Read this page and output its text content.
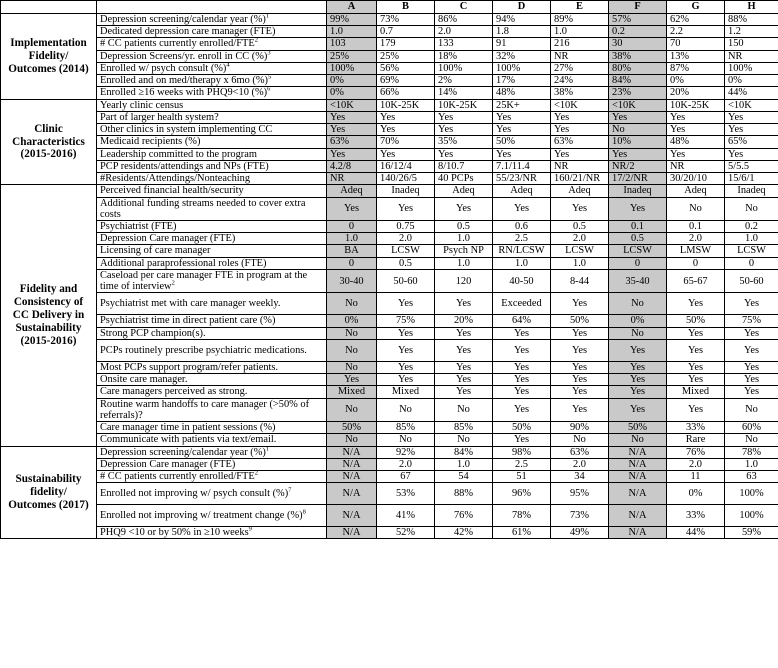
		A	B	C	D	E	F	G	H
Implementation Fidelity/ Outcomes (2014)	Depression screening/calendar year (%)$^1$	99%	73%	86%	94%	89%	57%	62%	88%
	Dedicated depression care manager (FTE)	1.0	0.7	2.0	1.8	1.0	0.2	2.2	1.2
	# CC patients currently enrolled/FTE$^2$	103	179	133	91	216	30	70	150
	Depression Screens/yr. enroll in CC (%)$^3$	25%	25%	18%	32%	NR	38%	13%	NR
	Enrolled w/ psych consult (%)$^4$	100%	56%	100%	100%	27%	80%	87%	100%
	Enrolled and on med/therapy x 6mo (%)$^5$	0%	69%	2%	17%	24%	84%	0%	0%
	Enrolled ≥16 weeks with PHQ9<10 (%)$^6$	0%	66%	14%	48%	38%	23%	20%	44%
Clinic Characteristics (2015-2016)	Yearly clinic census	<10K	10K-25K	10K-25K	25K+	<10K	<10K	10K-25K	<10K
	Part of larger health system?	Yes	Yes	Yes	Yes	Yes	Yes	Yes	Yes
	Other clinics in system implementing CC	Yes	Yes	Yes	Yes	Yes	No	Yes	Yes
	Medicaid recipients (%)	63%	70%	35%	50%	63%	10%	48%	65%
	Leadership committed to the program	Yes	Yes	Yes	Yes	Yes	Yes	Yes	Yes
	PCP residents/attendings and NPs (FTE)	4.2/8	16/12/4	8/10.7	7.1/11.4	NR	NR/2	NR	5/5.5
	#Residents/Attendings/Nonteaching	NR	140/26/5	40 PCPs	55/23/NR	160/21/NR	17/2/NR	30/20/10	15/6/1
Fidelity and Consistency of CC Delivery in Sustainability (2015-2016)	Perceived financial health/security	Adeq	Inadeq	Adeq	Adeq	Adeq	Inadeq	Adeq	Inadeq
	Additional funding streams needed to cover extra costs	Yes	Yes	Yes	Yes	Yes	Yes	No	No
	Psychiatrist (FTE)	0	0.75	0.5	0.6	0.5	0.1	0.1	0.2
	Depression Care manager (FTE)	1.0	2.0	1.0	2.5	2.0	0.5	2.0	1.0
	Licensing of care manager	BA	LCSW	Psych NP	RN/LCSW	LCSW	LCSW	LMSW	LCSW
	Additional paraprofessional roles (FTE)	0	0.5	1.0	1.0	1.0	0	0	0
	Caseload per care manager FTE in program at the time of interview$^2$	30-40	50-60	120	40-50	8-44	35-40	65-67	50-60
	Psychiatrist met with care manager weekly.	No	Yes	Yes	Exceeded	Yes	No	Yes	Yes
	Psychiatrist time in direct patient care (%)	0%	75%	20%	64%	50%	0%	50%	75%
	Strong PCP champion(s).	No	Yes	Yes	Yes	Yes	No	Yes	Yes
	PCPs routinely prescribe psychiatric medications.	No	Yes	Yes	Yes	Yes	Yes	Yes	Yes
	Most PCPs support program/refer patients.	No	Yes	Yes	Yes	Yes	Yes	Yes	Yes
	Onsite care manager.	Yes	Yes	Yes	Yes	Yes	Yes	Yes	Yes
	Care managers perceived as strong.	Mixed	Mixed	Yes	Yes	Yes	Yes	Mixed	Yes
	Routine warm handoffs to care manager (>50% of referrals)?	No	No	No	Yes	Yes	Yes	Yes	No
	Care manager time in patient sessions (%)	50%	85%	85%	50%	90%	50%	33%	60%
	Communicate with patients via text/email.	No	No	No	Yes	No	No	Rare	No
Sustainability fidelity/ Outcomes (2017)	Depression screening/calendar year (%)$^1$	N/A	92%	84%	98%	63%	N/A	76%	78%
	Depression Care manager (FTE)	N/A	2.0	1.0	2.5	2.0	N/A	2.0	1.0
	# CC patients currently enrolled/FTE$^2$	N/A	67	54	51	34	N/A	11	63
	Enrolled not improving w/ psych consult (%)$^7$	N/A	53%	88%	96%	95%	N/A	0%	100%
	Enrolled not improving w/ treatment change (%)$^8$	N/A	41%	76%	78%	73%	N/A	33%	100%
	PHQ9 <10 or by 50% in ≥10 weeks$^9$	N/A	52%	42%	61%	49%	N/A	44%	59%
